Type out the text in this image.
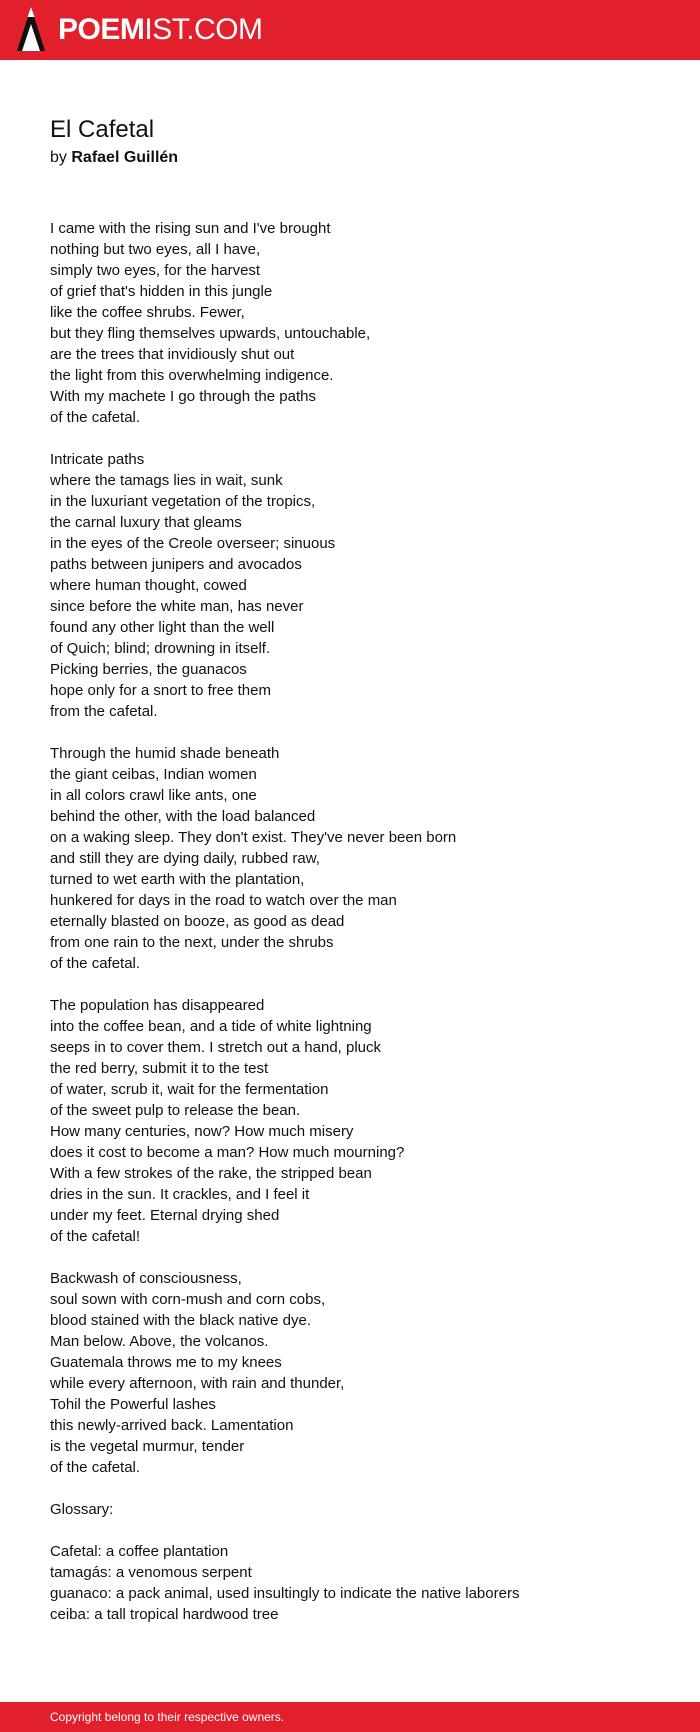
POEMIST.COM
El Cafetal
by Rafael Guillén
I came with the rising sun and I've brought
nothing but two eyes, all I have,
simply two eyes, for the harvest
of grief that's hidden in this jungle
like the coffee shrubs. Fewer,
but they fling themselves upwards, untouchable,
are the trees that invidiously shut out
the light from this overwhelming indigence.
With my machete I go through the paths
of the cafetal.
Intricate paths
where the tamags lies in wait, sunk
in the luxuriant vegetation of the tropics,
the carnal luxury that gleams
in the eyes of the Creole overseer; sinuous
paths between junipers and avocados
where human thought, cowed
since before the white man, has never
found any other light than the well
of Quich; blind; drowning in itself.
Picking berries, the guanacos
hope only for a snort to free them
from the cafetal.
Through the humid shade beneath
the giant ceibas, Indian women
in all colors crawl like ants, one
behind the other, with the load balanced
on a waking sleep. They don't exist. They've never been born
and still they are dying daily, rubbed raw,
turned to wet earth with the plantation,
hunkered for days in the road to watch over the man
eternally blasted on booze, as good as dead
from one rain to the next, under the shrubs
of the cafetal.
The population has disappeared
into the coffee bean, and a tide of white lightning
seeps in to cover them. I stretch out a hand, pluck
the red berry, submit it to the test
of water, scrub it, wait for the fermentation
of the sweet pulp to release the bean.
How many centuries, now? How much misery
does it cost to become a man? How much mourning?
With a few strokes of the rake, the stripped bean
dries in the sun. It crackles, and I feel it
under my feet. Eternal drying shed
of the cafetal!
Backwash of consciousness,
soul sown with corn-mush and corn cobs,
blood stained with the black native dye.
Man below. Above, the volcanos.
Guatemala throws me to my knees
while every afternoon, with rain and thunder,
Tohil the Powerful lashes
this newly-arrived back. Lamentation
is the vegetal murmur, tender
of the cafetal.
Glossary:
Cafetal: a coffee plantation
tamagás: a venomous serpent
guanaco: a pack animal, used insultingly to indicate the native laborers
ceiba: a tall tropical hardwood tree
Copyright belong to their respective owners.
